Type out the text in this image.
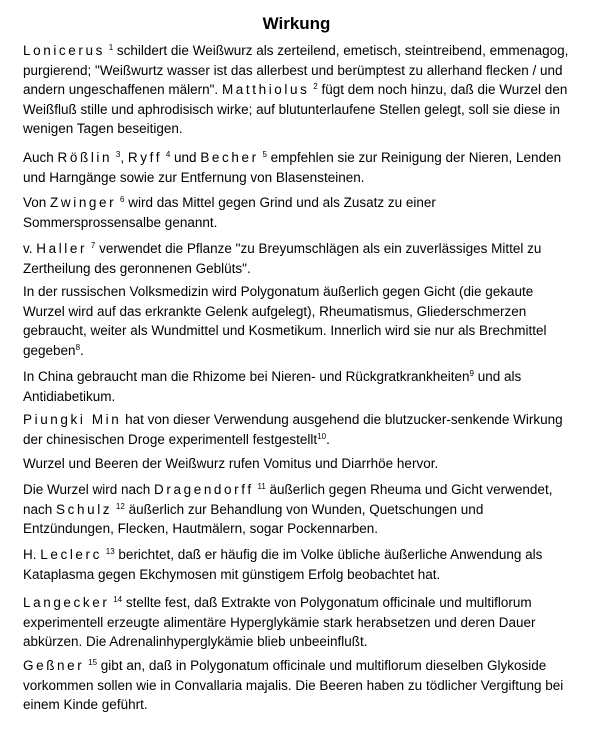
Wirkung

Lonicerus $^1$ schildert die Weißwurz als zerteilend, emetisch, steintreibend, emmenagog, purgierend; "Weißwurtz wasser ist das allerbest und berümptest zu allerhand flecken / und andern ungeschaffenen mälern". Matthiolus $^2$ fügt dem noch hinzu, daß die Wurzel den Weißfluß stille und aphrodisisch wirke; auf blutunterlaufene Stellen gelegt, soll sie diese in wenigen Tagen beseitigen.

Auch Rößlin $^3$, Ryff $^4$ und Becher $^5$ empfehlen sie zur Reinigung der Nieren, Lenden und Harngänge sowie zur Entfernung von Blasensteinen.

Von Zwinger $^6$ wird das Mittel gegen Grind und als Zusatz zu einer Sommersprossensalbe genannt.

v. Haller $^7$ verwendet die Pflanze "zu Breyumschlägen als ein zuverlässiges Mittel zu Zertheilung des geronnenen Geblüts".

In der russischen Volksmedizin wird Polygonatum äußerlich gegen Gicht (die gekaute Wurzel wird auf das erkrankte Gelenk aufgelegt), Rheumatismus, Gliederschmerzen gebraucht, weiter als Wundmittel und Kosmetikum. Innerlich wird sie nur als Brechmittel gegeben$^8$.

In China gebraucht man die Rhizome bei Nieren- und Rückgratkrankheiten$^9$ und als Antidiabetikum.

Piungki Min hat von dieser Verwendung ausgehend die blutzucker-senkende Wirkung der chinesischen Droge experimentell festgestellt$^{10}$.

Wurzel und Beeren der Weißwurz rufen Vomitus und Diarrhöe hervor.

Die Wurzel wird nach Dragendorff $^{11}$ äußerlich gegen Rheuma und Gicht verwendet, nach Schulz $^{12}$ äußerlich zur Behandlung von Wunden, Quetschungen und Entzündungen, Flecken, Hautmälern, sogar Pockennarben.

H. Leclerc $^{13}$ berichtet, daß er häufig die im Volke übliche äußerliche Anwendung als Kataplasma gegen Ekchymosen mit günstigem Erfolg beobachtet hat.

Langecker $^{14}$ stellte fest, daß Extrakte von Polygonatum officinale und multiflorum experimentell erzeugte alimentäre Hyperglykämie stark herabsetzen und deren Dauer abkürzen. Die Adrenalinhyperglykämie blieb unbeeinflußt.

Geßner $^{15}$ gibt an, daß in Polygonatum officinale und multiflorum dieselben Glykoside vorkommen sollen wie in Convallaria majalis. Die Beeren haben zu tödlicher Vergiftung bei einem Kinde geführt.
